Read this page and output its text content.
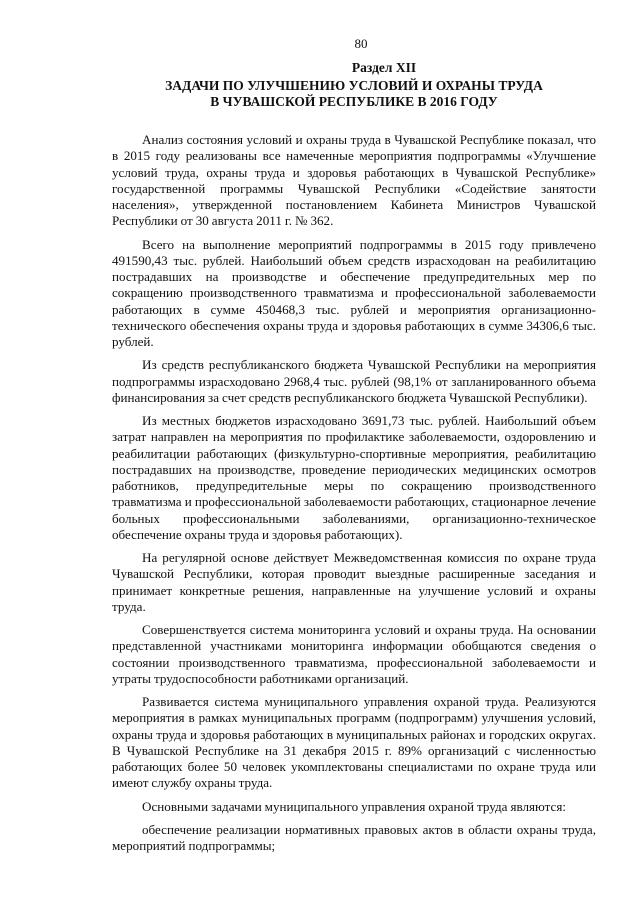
80
Раздел XII
ЗАДАЧИ ПО УЛУЧШЕНИЮ УСЛОВИЙ И ОХРАНЫ ТРУДА
В ЧУВАШСКОЙ РЕСПУБЛИКЕ В 2016 ГОДУ

Анализ состояния условий и охраны труда в Чувашской Республике показал, что в 2015 году реализованы все намеченные мероприятия подпрограммы «Улучшение условий труда, охраны труда и здоровья работающих в Чувашской Республике» государственной программы Чувашской Республики «Содействие занятости населения», утвержденной постановлением Кабинета Министров Чувашской Республики от 30 августа 2011 г. № 362.

Всего на выполнение мероприятий подпрограммы в 2015 году привлечено 491590,43 тыс. рублей. Наибольший объем средств израсходован на реабилитацию пострадавших на производстве и обеспечение предупредительных мер по сокращению производственного травматизма и профессиональной заболеваемости работающих в сумме 450468,3 тыс. рублей и мероприятия организационно-технического обеспечения охраны труда и здоровья работающих в сумме 34306,6 тыс. рублей.

Из средств республиканского бюджета Чувашской Республики на мероприятия подпрограммы израсходовано 2968,4 тыс. рублей (98,1% от запланированного объема финансирования за счет средств республиканского бюджета Чувашской Республики).

Из местных бюджетов израсходовано 3691,73 тыс. рублей. Наибольший объем затрат направлен на мероприятия по профилактике заболеваемости, оздоровлению и реабилитации работающих (физкультурно-спортивные мероприятия, реабилитацию пострадавших на производстве, проведение периодических медицинских осмотров работников, предупредительные меры по сокращению производственного травматизма и профессиональной заболеваемости работающих, стационарное лечение больных профессиональными заболеваниями, организационно-техническое обеспечение охраны труда и здоровья работающих).

На регулярной основе действует Межведомственная комиссия по охране труда Чувашской Республики, которая проводит выездные расширенные заседания и принимает конкретные решения, направленные на улучшение условий и охраны труда.

Совершенствуется система мониторинга условий и охраны труда. На основании представленной участниками мониторинга информации обобщаются сведения о состоянии производственного травматизма, профессиональной заболеваемости и утраты трудоспособности работниками организаций.

Развивается система муниципального управления охраной труда. Реализуются мероприятия в рамках муниципальных программ (подпрограмм) улучшения условий, охраны труда и здоровья работающих в муниципальных районах и городских округах. В Чувашской Республике на 31 декабря 2015 г. 89% организаций с численностью работающих более 50 человек укомплектованы специалистами по охране труда или имеют службу охраны труда.

Основными задачами муниципального управления охраной труда являются:

обеспечение реализации нормативных правовых актов в области охраны труда, мероприятий подпрограммы;
